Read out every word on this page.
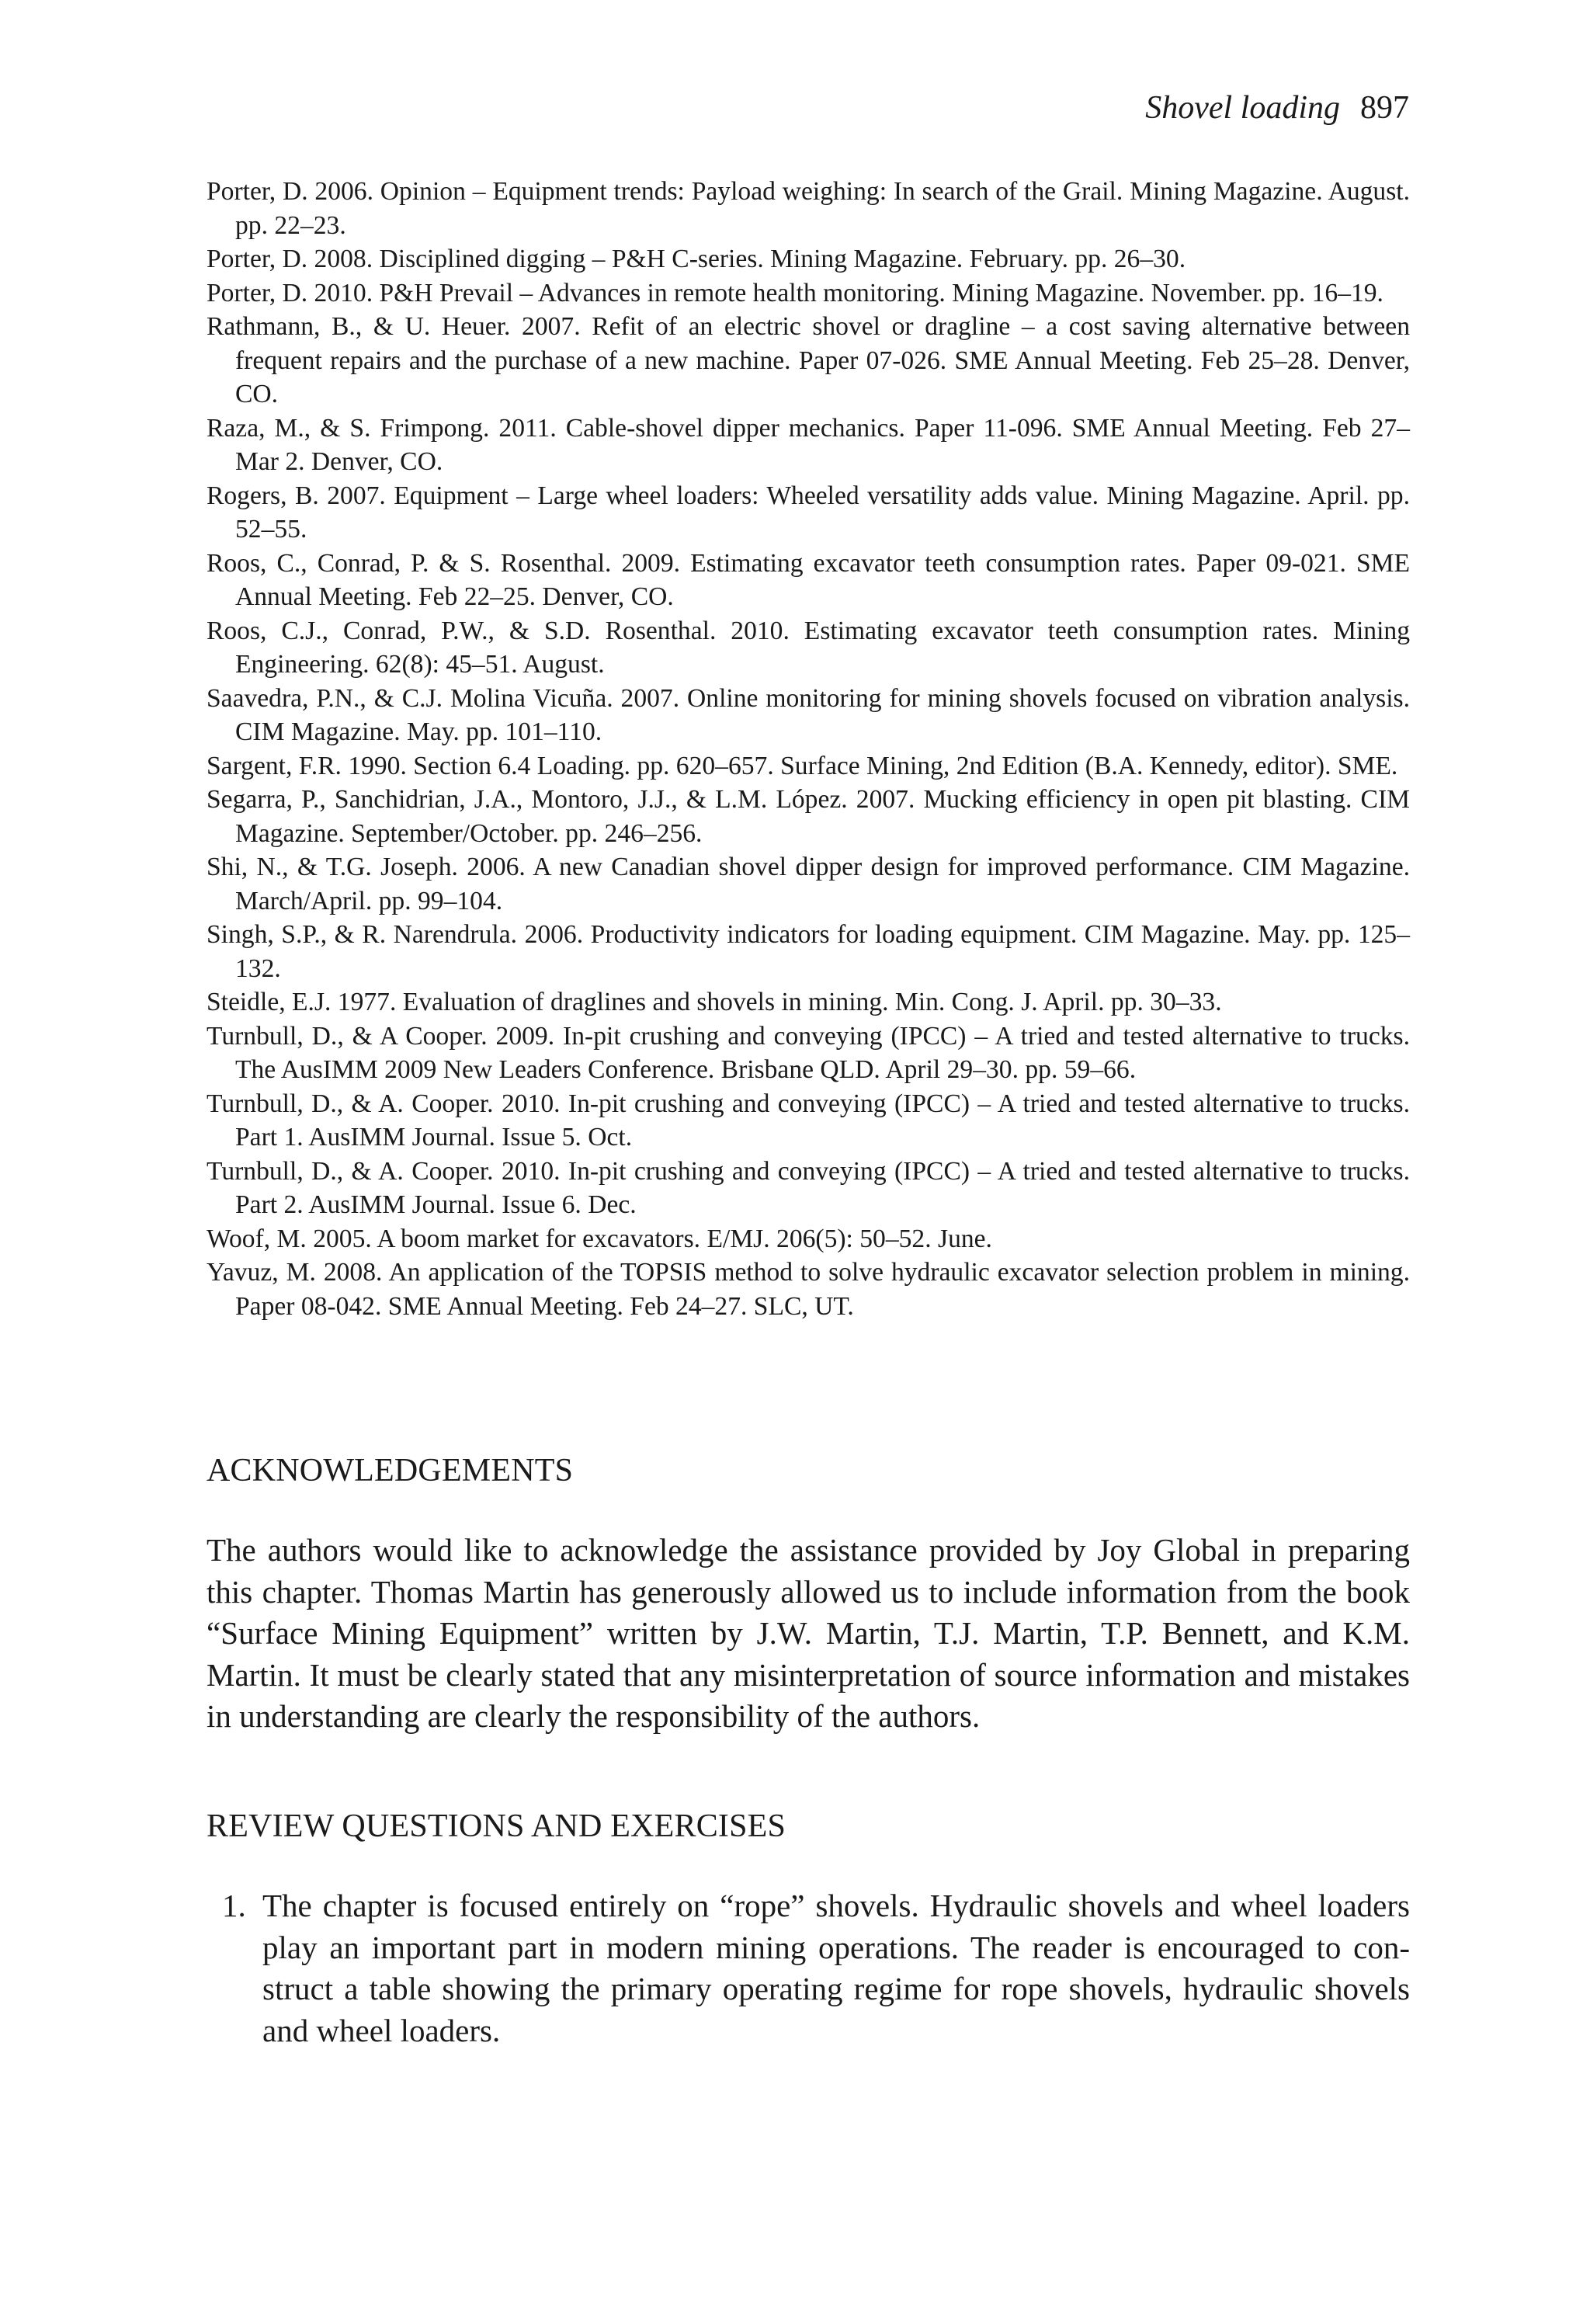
Shovel loading 897

Porter, D. 2006. Opinion – Equipment trends: Payload weighing: In search of the Grail. Mining Magazine. August. pp. 22–23.

Porter, D. 2008. Disciplined digging – P&H C-series. Mining Magazine. February. pp. 26–30.

Porter, D. 2010. P&H Prevail – Advances in remote health monitoring. Mining Magazine. November. pp. 16–19.

Rathmann, B., & U. Heuer. 2007. Refit of an electric shovel or dragline – a cost saving alternative between frequent repairs and the purchase of a new machine. Paper 07-026. SME Annual Meeting. Feb 25–28. Denver, CO.

Raza, M., & S. Frimpong. 2011. Cable-shovel dipper mechanics. Paper 11-096. SME Annual Meeting. Feb 27–Mar 2. Denver, CO.

Rogers, B. 2007. Equipment – Large wheel loaders: Wheeled versatility adds value. Mining Magazine. April. pp. 52–55.

Roos, C., Conrad, P. & S. Rosenthal. 2009. Estimating excavator teeth consumption rates. Paper 09-021. SME Annual Meeting. Feb 22–25. Denver, CO.

Roos, C.J., Conrad, P.W., & S.D. Rosenthal. 2010. Estimating excavator teeth consumption rates. Mining Engineering. 62(8): 45–51. August.

Saavedra, P.N., & C.J. Molina Vicuña. 2007. Online monitoring for mining shovels focused on vibration analysis. CIM Magazine. May. pp. 101–110.

Sargent, F.R. 1990. Section 6.4 Loading. pp. 620–657. Surface Mining, 2nd Edition (B.A. Kennedy, editor). SME.

Segarra, P., Sanchidrian, J.A., Montoro, J.J., & L.M. López. 2007. Mucking efficiency in open pit blasting. CIM Magazine. September/October. pp. 246–256.

Shi, N., & T.G. Joseph. 2006. A new Canadian shovel dipper design for improved performance. CIM Magazine. March/April. pp. 99–104.

Singh, S.P., & R. Narendrula. 2006. Productivity indicators for loading equipment. CIM Magazine. May. pp. 125–132.

Steidle, E.J. 1977. Evaluation of draglines and shovels in mining. Min. Cong. J. April. pp. 30–33.

Turnbull, D., & A Cooper. 2009. In-pit crushing and conveying (IPCC) – A tried and tested alternative to trucks. The AusIMM 2009 New Leaders Conference. Brisbane QLD. April 29–30. pp. 59–66.

Turnbull, D., & A. Cooper. 2010. In-pit crushing and conveying (IPCC) – A tried and tested alternative to trucks. Part 1. AusIMM Journal. Issue 5. Oct.

Turnbull, D., & A. Cooper. 2010. In-pit crushing and conveying (IPCC) – A tried and tested alternative to trucks. Part 2. AusIMM Journal. Issue 6. Dec.

Woof, M. 2005. A boom market for excavators. E/MJ. 206(5): 50–52. June.

Yavuz, M. 2008. An application of the TOPSIS method to solve hydraulic excavator selection problem in mining. Paper 08-042. SME Annual Meeting. Feb 24–27. SLC, UT.

ACKNOWLEDGEMENTS

The authors would like to acknowledge the assistance provided by Joy Global in preparing this chapter. Thomas Martin has generously allowed us to include information from the book “Surface Mining Equipment” written by J.W. Martin, T.J. Martin, T.P. Bennett, and K.M. Martin. It must be clearly stated that any misinterpretation of source information and mistakes in understanding are clearly the responsibility of the authors.

REVIEW QUESTIONS AND EXERCISES
1. The chapter is focused entirely on “rope” shovels. Hydraulic shovels and wheel loaders play an important part in modern mining operations. The reader is encouraged to construct a table showing the primary operating regime for rope shovels, hydraulic shovels and wheel loaders.
